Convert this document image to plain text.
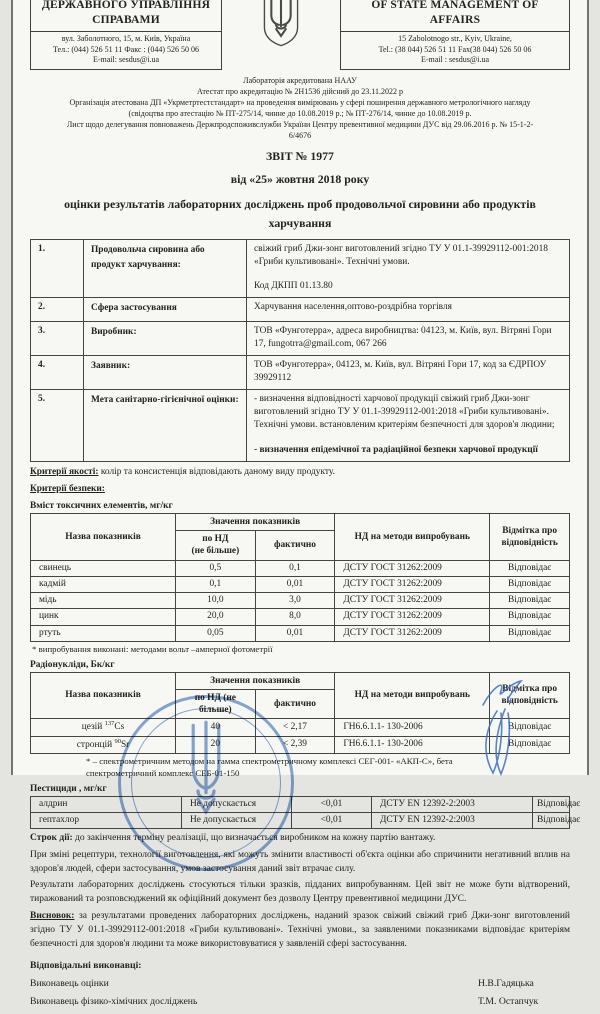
ДЕРЖАВНОГО УПРАВЛІННЯ
СПРАВАМИ
вул. Заболотного, 15, м. Київ, Україна
Тел.: (044) 526 51 11 Факс : (044) 526 50 06
E-mail: sesdus@i.ua
OF STATE MANAGEMENT OF
AFFAIRS
15 Zabolotnogo str., Kyiv, Ukraine,
Tel.: (38 044) 526 51 11 Fax(38 044) 526 50 06
E-mail : sesdus@i.ua
Лабораторія акредитована НААУ
Атестат про акредитацію № 2Н1536 дійсний до 23.11.2022 р
Організація атестована ДП «Укрметртестстандарт» на проведення вимірювань у сфері поширення державного метрологічного нагляду
(свідоцтва про атестацію № ПТ-275/14, чинне до 10.08.2019 р.; № ПТ-276/14, чинне до 10.08.2019 р.
Лист щодо делегування повноважень Держпродспоживслужби України Центру превентивної медицини ДУС від 29.06.2016 р. № 15-1-2-
6/4676
ЗВІТ № 1977
від «25» жовтня 2018 року
оцінки результатів лабораторних досліджень проб продовольчої сировини або продуктів харчування
1.	Продовольча сировина або продукт харчування:	свіжий гриб Джи-зонг виготовлений згідно ТУ У 01.1-39929112-001:2018 «Гриби культивовані». Технічні умови.
Код ДКПП 01.13.80

2.	Сфера застосування	Харчування населення,оптово-роздрібна торгівля
3.	Виробник:	ТОВ «Фунготерра», адреса виробництва: 04123, м. Київ, вул. Вітряні Гори 17, fungotrra@gmail.com, 067 266
4.	Заявник:	ТОВ «Фунготерра», 04123, м. Київ, вул. Вітряні Гори 17, код за ЄДРПОУ 39929112
5.	Мета санітарно-гігієнічної оцінки:	- визначення відповідності харчової продукції свіжий гриб Джи-зонг виготовлений згідно ТУ У 01.1-39929112-001:2018 «Гриби культивовані». Технічні умови. встановленим критеріям безпечності для здоров'я людини;
- визначення епідемічної та радіаційної безпеки харчової продукції
Критерії якості: колір та консистенція відповідають даному виду продукту.
Критерії безпеки:
Вміст токсичних елементів, мг/кг
Назва показників	Значення показників		НД на методи випробувань	Відмітка про
відповідність

	по НД
(не більше)	фактично		
свинець	0,5	0,1	ДСТУ ГОСТ 31262:2009	Відповідає
кадмій	0,1	0,01	ДСТУ ГОСТ 31262:2009	Відповідає
мідь	10,0	3,0	ДСТУ ГОСТ 31262:2009	Відповідає
цинк	20,0	8,0	ДСТУ ГОСТ 31262:2009	Відповідає
ртуть	0,05	0,01	ДСТУ ГОСТ 31262:2009	Відповідає
* випробування виконані: методами вольт –амперної фотометрії
Радіонукліди, Бк/кг
Назва показників	Значення показників		НД на методи випробувань	Відмітка про
відповідність

	по НД (не більше)	фактично		
цезій $^{137}$Cs	40	< 2,17	ГН6.6.1.1- 130-2006	Відповідає
стронцій $^{90}$Sr	20	< 2,39	ГН6.6.1.1- 130-2006	Відповідає
* – спектрометричним методом на гамма спектрометричному комплексі СЕГ-001- «АКП-С», бета
спектрометричний комплекс СЕБ-01-150
Пестициди , мг/кг
алдрин	Не допускається	<0,01	ДСТУ EN 12392-2:2003	Відповідає
гептахлор	Не допускається	<0,01	ДСТУ EN 12392-2:2003	Відповідає
Строк дії: до закінчення терміну реалізації, що визначається виробником на кожну партію вантажу.
При зміні рецептури, технології виготовлення, які можуть змінити властивості об'єкта оцінки або спричинити негативний вплив на здоров'я людей, сфери застосування, умов застосування даний звіт втрачає силу.
Результати лабораторних досліджень стосуються тільки зразків, підданих випробуванням. Цей звіт не може бути відтворений, тиражований та розповсюджений як офіційний документ без дозволу Центру превентивної медицини ДУС.
Висновок: за результатами проведених лабораторних досліджень, наданий зразок свіжий свіжий гриб Джи-зонг виготовлений згідно ТУ У 01.1-39929112-001:2018 «Гриби культивовані». Технічні умови., за заявленими показниками відповідає критеріям безпечності для здоров'я людини та може використовуватися у заявленій сфері застосування.
Відповідальні виконавці:
Виконавець оцінки	Н.В.Гадяцька
Виконавець фізико-хімічних досліджень	Т.М. Остапчук
